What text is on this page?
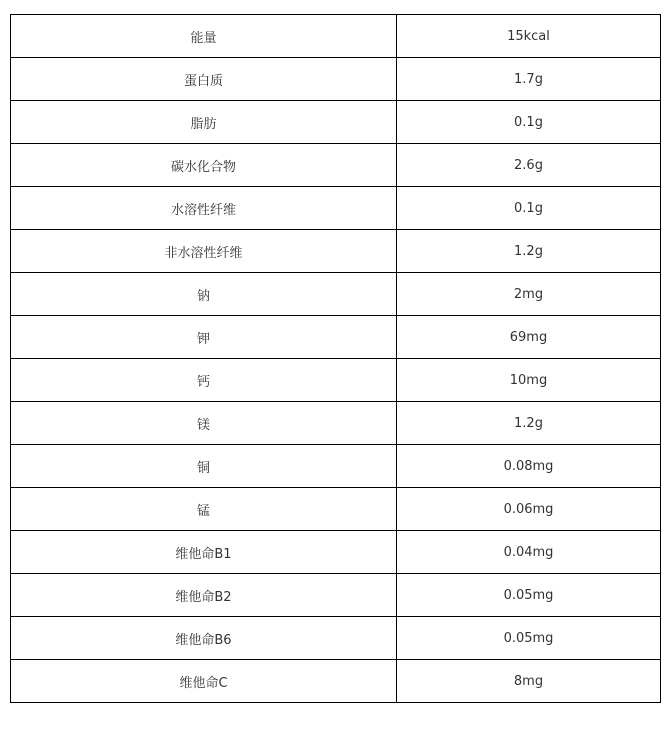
能量	15kcal
蛋白质	1.7g
脂肪	0.1g
碳水化合物	2.6g
水溶性纤维	0.1g
非水溶性纤维	1.2g
钠	2mg
钾	69mg
钙	10mg
镁	1.2g
铜	0.08mg
锰	0.06mg
维他命B1	0.04mg
维他命B2	0.05mg
维他命B6	0.05mg
维他命C	8mg
